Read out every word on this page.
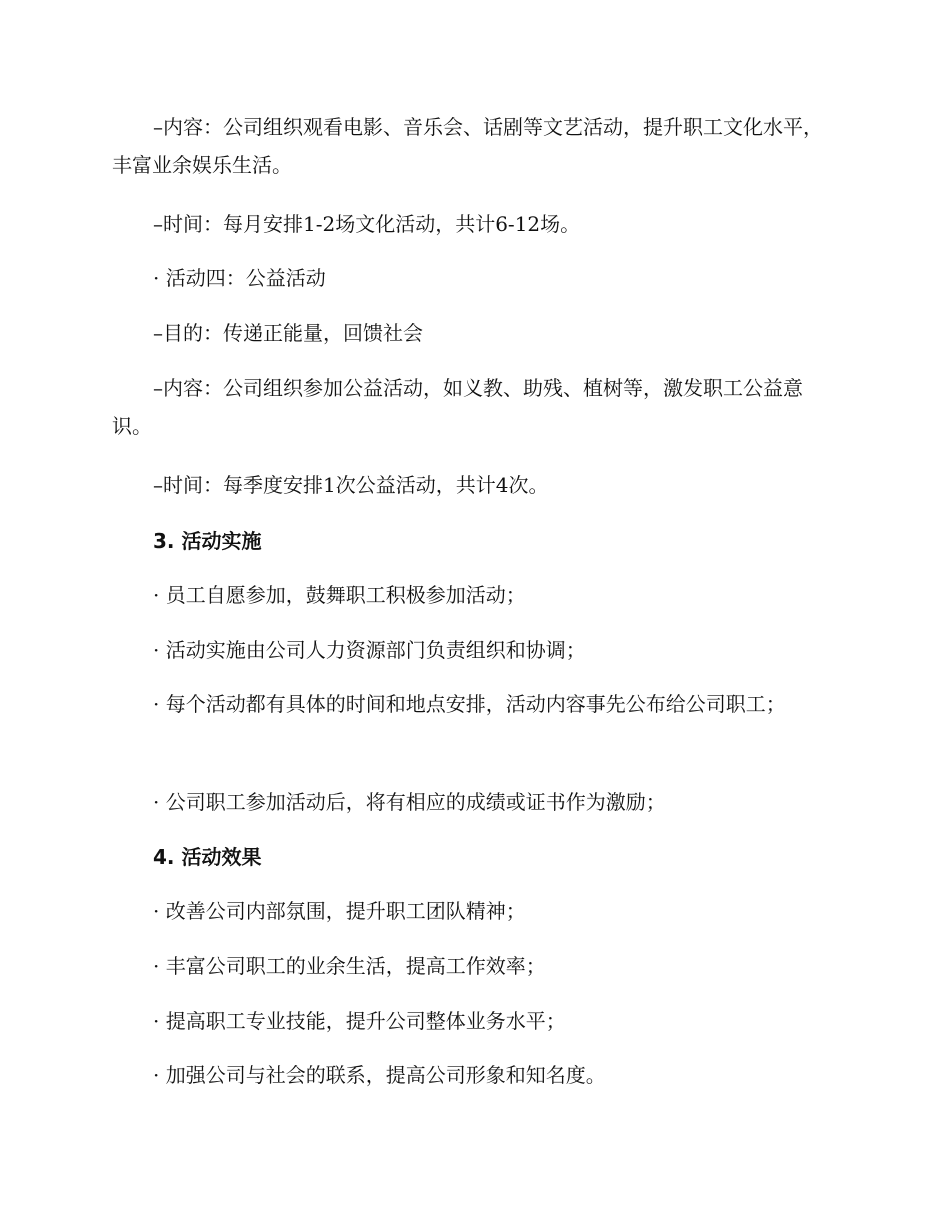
–内容：公司组织观看电影、音乐会、话剧等文艺活动，提升职工文化水平，丰富业余娱乐生活。

–时间：每月安排1-2场文化活动，共计6-12场。

· 活动四：公益活动

–目的：传递正能量，回馈社会

–内容：公司组织参加公益活动，如义教、助残、植树等，激发职工公益意识。

–时间：每季度安排1次公益活动，共计4次。

3. 活动实施

· 员工自愿参加，鼓舞职工积极参加活动；

· 活动实施由公司人力资源部门负责组织和协调；

· 每个活动都有具体的时间和地点安排，活动内容事先公布给公司职工；

· 公司职工参加活动后，将有相应的成绩或证书作为激励；

4. 活动效果

· 改善公司内部氛围，提升职工团队精神；

· 丰富公司职工的业余生活，提高工作效率；

· 提高职工专业技能，提升公司整体业务水平；

· 加强公司与社会的联系，提高公司形象和知名度。
